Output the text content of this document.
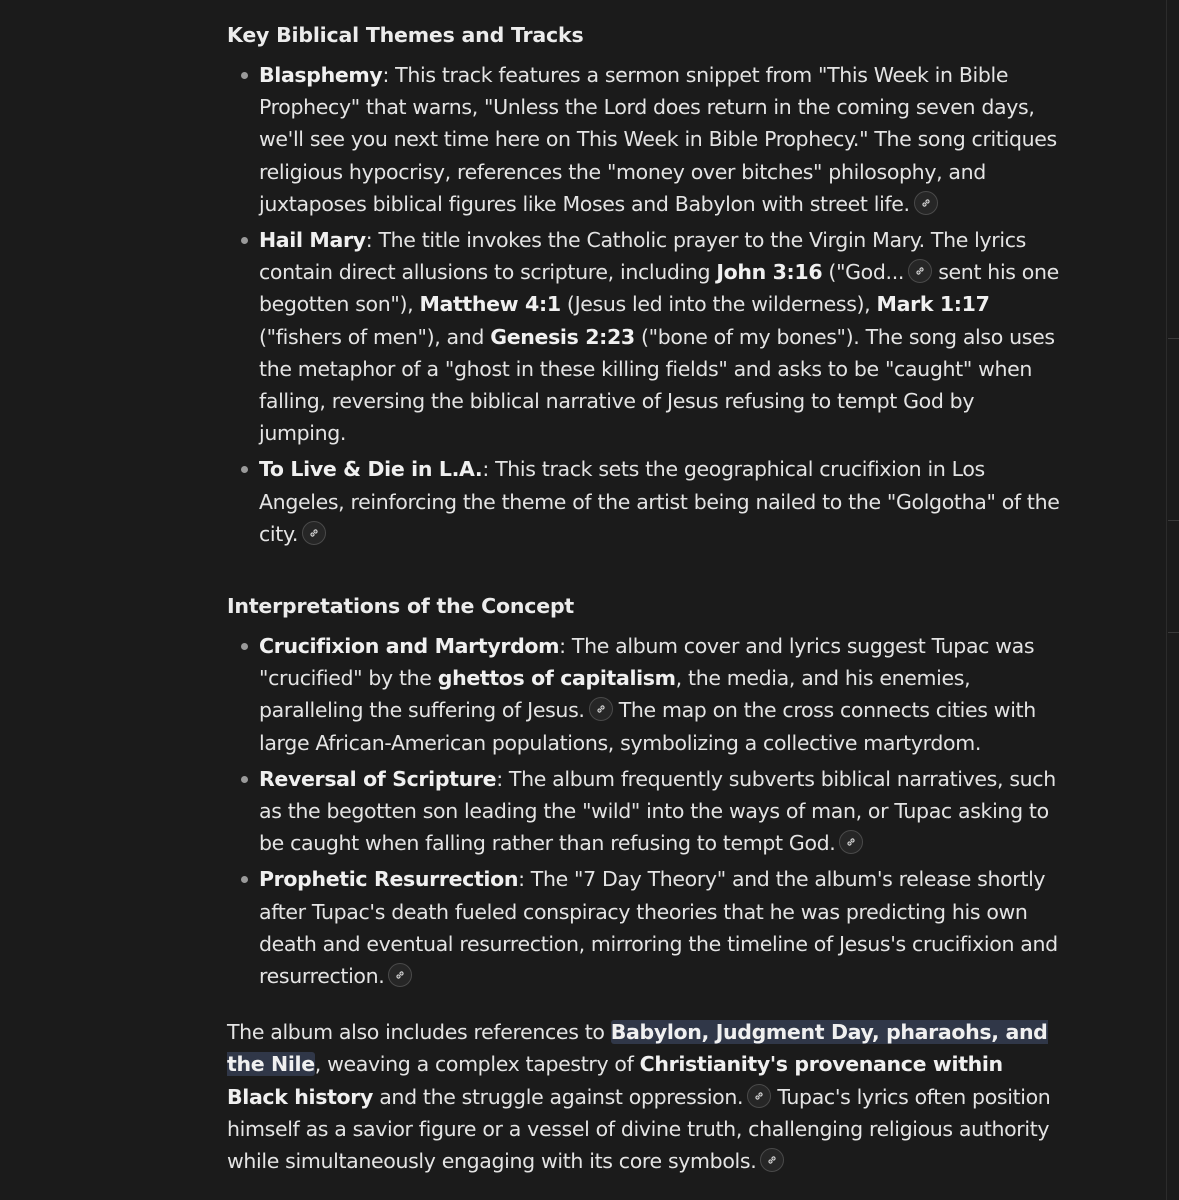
Key Biblical Themes and Tracks
Blasphemy: This track features a sermon snippet from "This Week in Bible Prophecy" that warns, "Unless the Lord does return in the coming seven days, we'll see you next time here on This Week in Bible Prophecy." The song critiques religious hypocrisy, references the "money over bitches" philosophy, and juxtaposes biblical figures like Moses and Babylon with street life.
Hail Mary: The title invokes the Catholic prayer to the Virgin Mary. The lyrics contain direct allusions to scripture, including John 3:16 ("God...
sent his one begotten son"), Matthew 4:1 (Jesus led into the wilderness), Mark 1:17 ("fishers of men"), and Genesis 2:23 ("bone of my bones"). The song also uses the metaphor of a "ghost in these killing fields" and asks to be "caught" when falling, reversing the biblical narrative of Jesus refusing to tempt God by jumping.
To Live & Die in L.A.: This track sets the geographical crucifixion in Los Angeles, reinforcing the theme of the artist being nailed to the "Golgotha" of the city.
Interpretations of the Concept
Crucifixion and Martyrdom: The album cover and lyrics suggest Tupac was "crucified" by the ghettos of capitalism, the media, and his enemies, paralleling the suffering of Jesus.
The map on the cross connects cities with large African-American populations, symbolizing a collective martyrdom.
Reversal of Scripture: The album frequently subverts biblical narratives, such as the begotten son leading the "wild" into the ways of man, or Tupac asking to be caught when falling rather than refusing to tempt God.
Prophetic Resurrection: The "7 Day Theory" and the album's release shortly after Tupac's death fueled conspiracy theories that he was predicting his own death and eventual resurrection, mirroring the timeline of Jesus's crucifixion and resurrection.

The album also includes references to Babylon, Judgment Day, pharaohs, and the Nile, weaving a complex tapestry of Christianity's provenance within Black history and the struggle against oppression.
Tupac's lyrics often position himself as a savior figure or a vessel of divine truth, challenging religious authority while simultaneously engaging with its core symbols.
